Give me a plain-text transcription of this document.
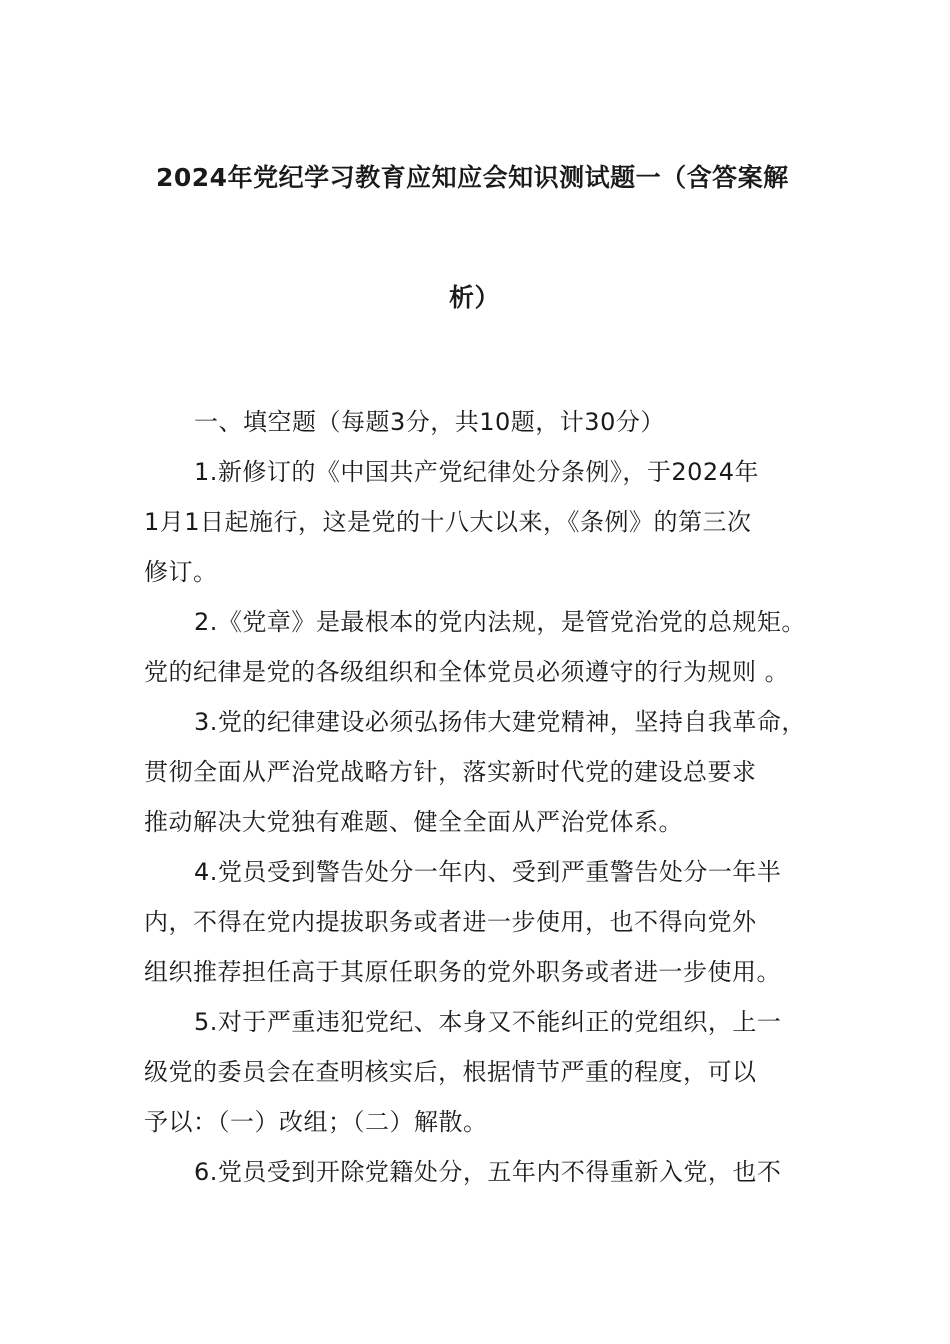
2024年党纪学习教育应知应会知识测试题一（含答案解
析）
一、填空题（每题3分，共10题，计30分）
1.新修订的《中国共产党纪律处分条例》，于2024年
1月1日起施行，这是党的十八大以来，《条例》的第三次
修订。
2.《党章》是最根本的党内法规，是管党治党的总规矩。
党的纪律是党的各级组织和全体党员必须遵守的行为规则 。
3.党的纪律建设必须弘扬伟大建党精神，坚持自我革命，
贯彻全面从严治党战略方针，落实新时代党的建设总要求
推动解决大党独有难题、健全全面从严治党体系。
4.党员受到警告处分一年内、受到严重警告处分一年半
内，不得在党内提拔职务或者进一步使用，也不得向党外
组织推荐担任高于其原任职务的党外职务或者进一步使用。
5.对于严重违犯党纪、本身又不能纠正的党组织，上一
级党的委员会在查明核实后，根据情节严重的程度，可以
予以：（一）改组；（二）解散。
6.党员受到开除党籍处分，五年内不得重新入党，也不
